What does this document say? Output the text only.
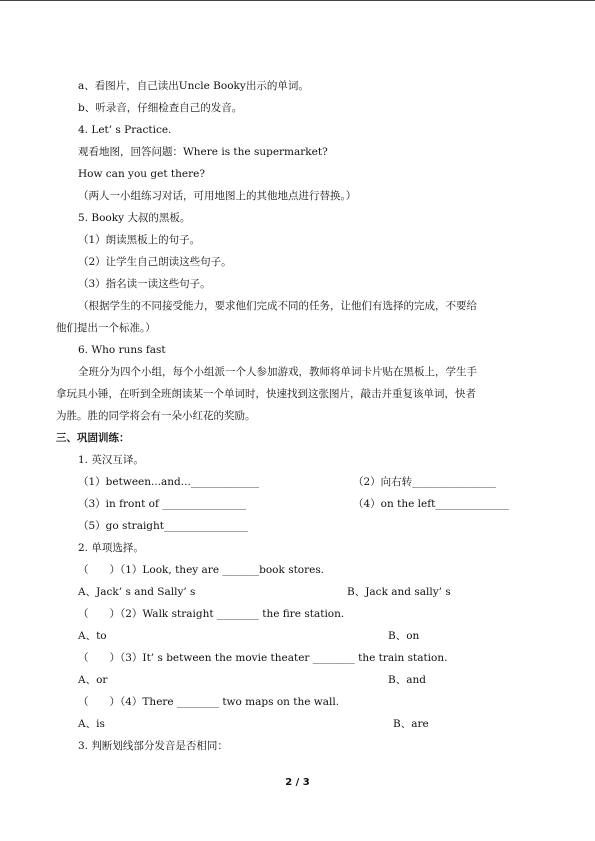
a、看图片，自己读出Uncle Booky出示的单词。
b、听录音，仔细检查自己的发音。
4. Let’ s Practice.
观看地图，回答问题：Where is the supermarket?
How can you get there?
（两人一小组练习对话，可用地图上的其他地点进行替换。）
5. Booky 大叔的黑板。
（1）朗读黑板上的句子。
（2）让学生自己朗读这些句子。
（3）指名读一读这些句子。
（根据学生的不同接受能力，要求他们完成不同的任务，让他们有选择的完成，不要给
他们提出一个标准。）
6. Who runs fast
全班分为四个小组，每个小组派一个人参加游戏，教师将单词卡片贴在黑板上，学生手
拿玩具小锤，在听到全班朗读某一个单词时，快速找到这张图片，敲击并重复该单词，快者
为胜。胜的同学将会有一朵小红花的奖励。
三、巩固训练：
1. 英汉互译。
（1）between...and..._____________	（2）向右转________________
（3）in front of ________________	（4）on the left______________
（5）go straight________________
2. 单项选择。
（　　）（1）Look, they are _______book stores.
A、Jack’ s and Sally’ s	B、Jack and sally’ s
（　　）（2）Walk straight ________ the fire station.
A、to	B、on
（　　）（3）It’ s between the movie theater ________ the train station.
A、or	B、and
（　　）（4）There ________ two maps on the wall.
A、is	B、are
3. 判断划线部分发音是否相同：
2 / 3
